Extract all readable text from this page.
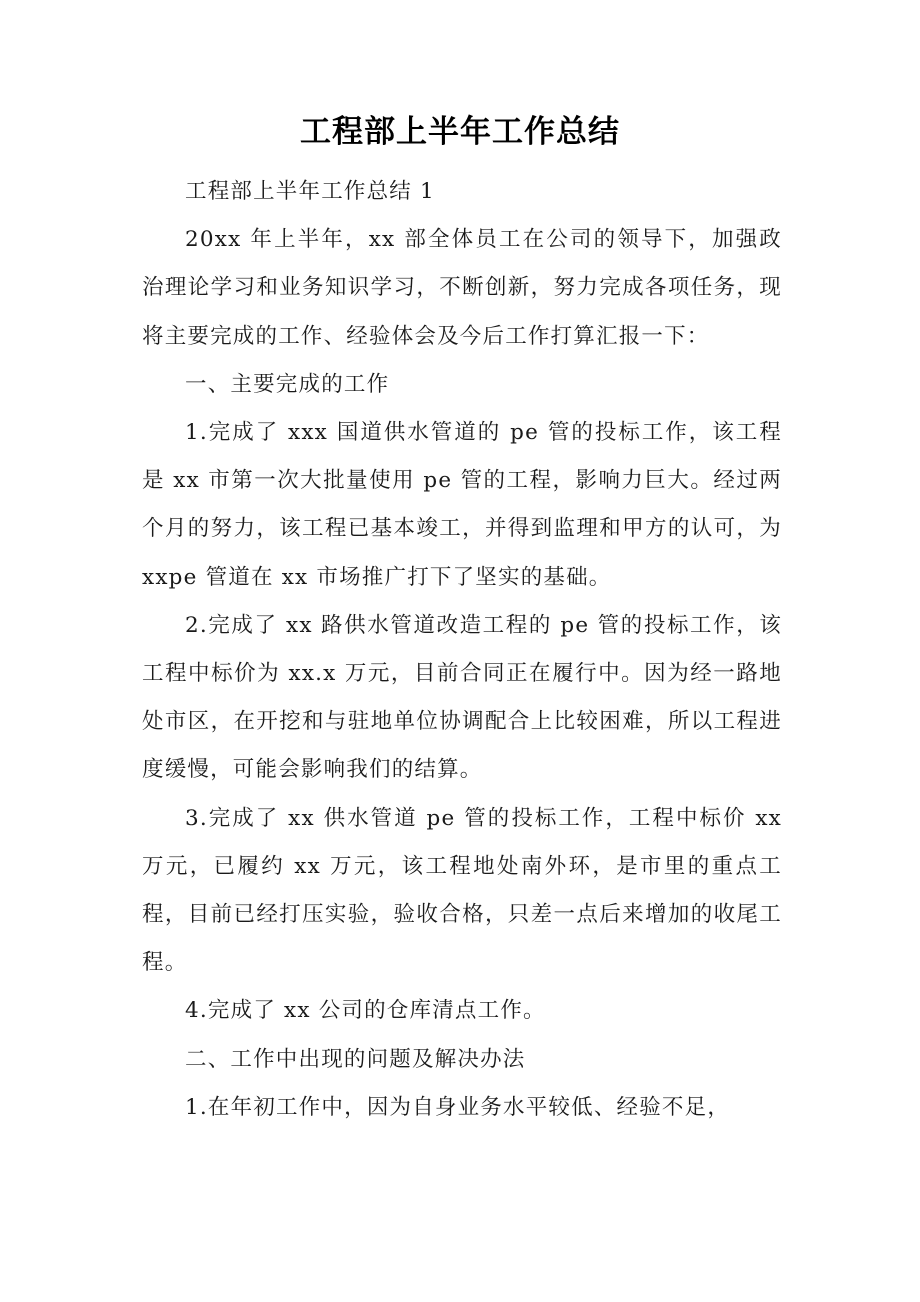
工程部上半年工作总结

工程部上半年工作总结 1

20xx 年上半年，xx 部全体员工在公司的领导下，加强政治理论学习和业务知识学习，不断创新，努力完成各项任务，现将主要完成的工作、经验体会及今后工作打算汇报一下：

一、主要完成的工作

1.完成了 xxx 国道供水管道的 pe 管的投标工作，该工程是 xx 市第一次大批量使用 pe 管的工程，影响力巨大。经过两个月的努力，该工程已基本竣工，并得到监理和甲方的认可，为 xxpe 管道在 xx 市场推广打下了坚实的基础。

2.完成了 xx 路供水管道改造工程的 pe 管的投标工作，该工程中标价为 xx.x 万元，目前合同正在履行中。因为经一路地处市区，在开挖和与驻地单位协调配合上比较困难，所以工程进度缓慢，可能会影响我们的结算。

3.完成了 xx 供水管道 pe 管的投标工作，工程中标价 xx 万元，已履约 xx 万元，该工程地处南外环，是市里的重点工程，目前已经打压实验，验收合格，只差一点后来增加的收尾工程。

4.完成了 xx 公司的仓库清点工作。

二、工作中出现的问题及解决办法

1.在年初工作中，因为自身业务水平较低、经验不足，
